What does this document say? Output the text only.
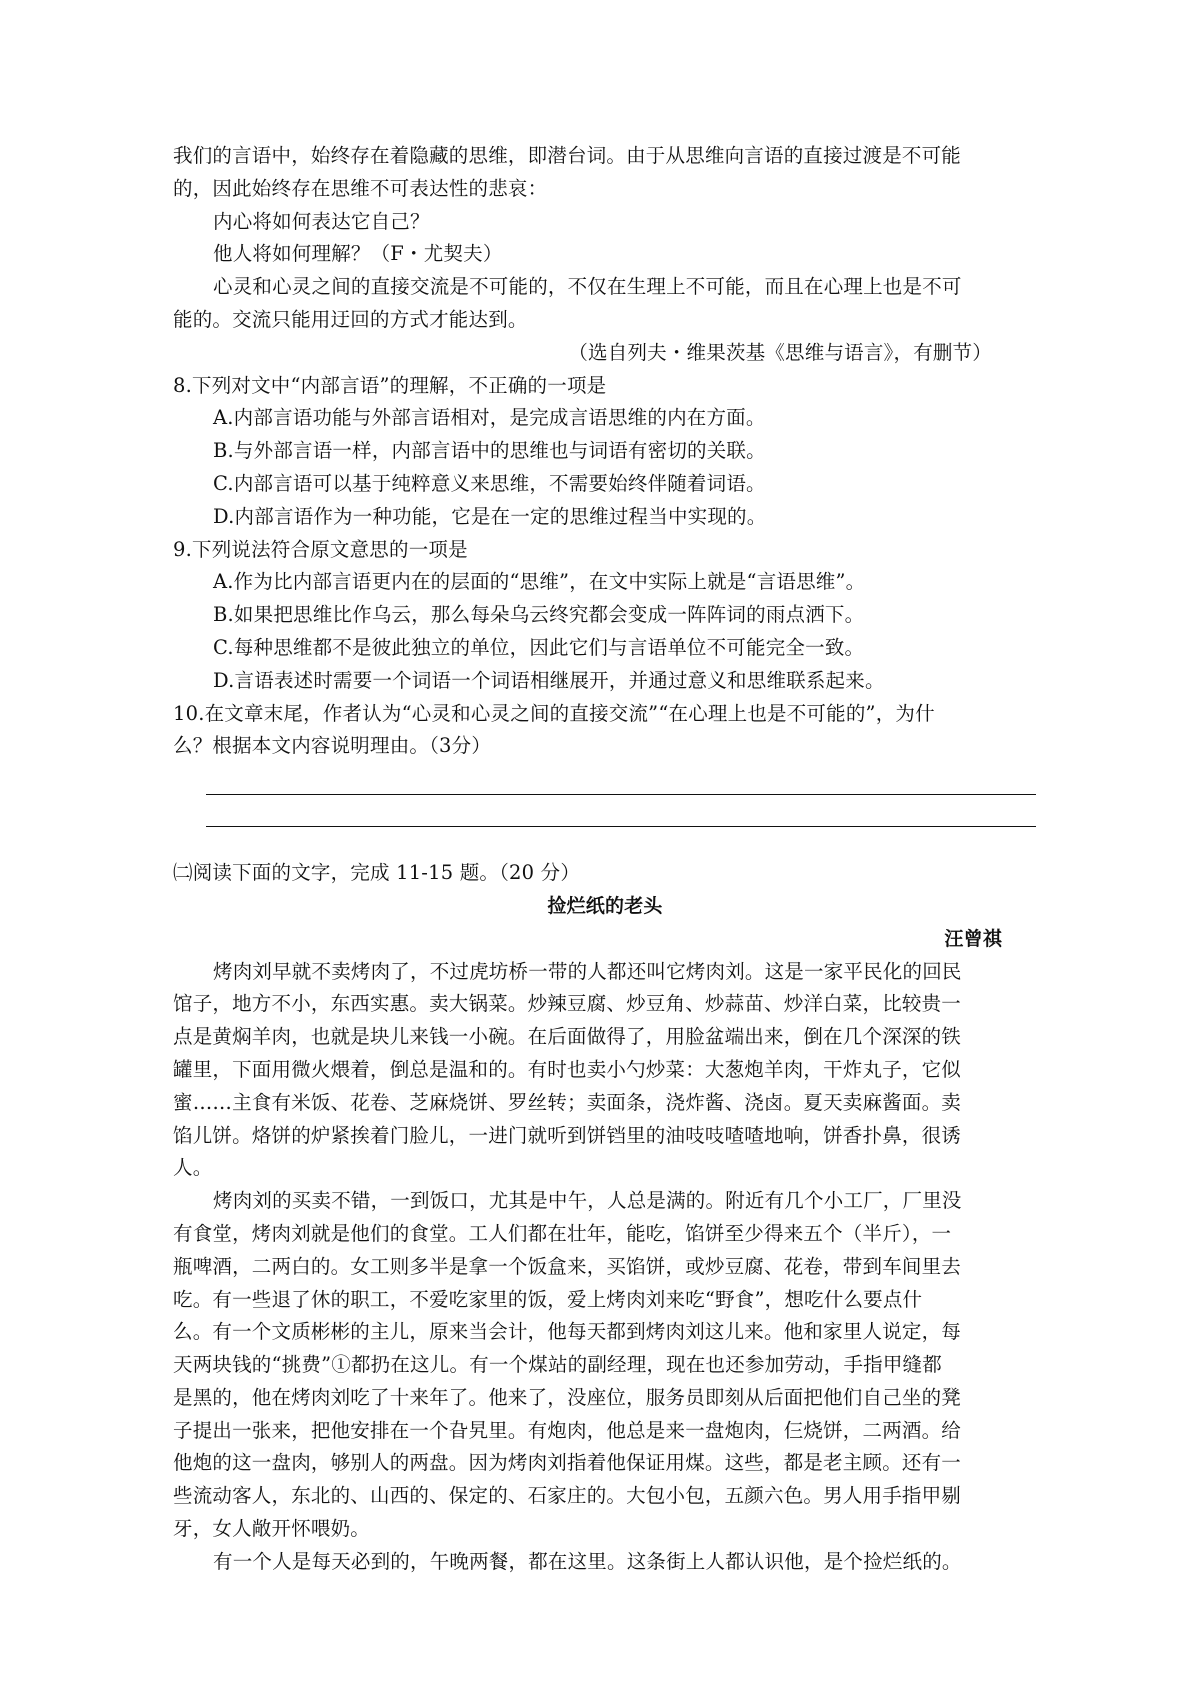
我们的言语中，始终存在着隐藏的思维，即潜台词。由于从思维向言语的直接过渡是不可能
的，因此始终存在思维不可表达性的悲哀：
内心将如何表达它自己？
他人将如何理解？（F・尤契夫）
心灵和心灵之间的直接交流是不可能的，不仅在生理上不可能，而且在心理上也是不可
能的。交流只能用迂回的方式才能达到。
（选自列夫・维果茨基《思维与语言》，有删节）
8.下列对文中“内部言语”的理解，不正确的一项是
A.内部言语功能与外部言语相对，是完成言语思维的内在方面。
B.与外部言语一样，内部言语中的思维也与词语有密切的关联。
C.内部言语可以基于纯粹意义来思维，不需要始终伴随着词语。
D.内部言语作为一种功能，它是在一定的思维过程当中实现的。
9.下列说法符合原文意思的一项是
A.作为比内部言语更内在的层面的“思维”，在文中实际上就是“言语思维”。
B.如果把思维比作乌云，那么每朵乌云终究都会变成一阵阵词的雨点洒下。
C.每种思维都不是彼此独立的单位，因此它们与言语单位不可能完全一致。
D.言语表述时需要一个词语一个词语相继展开，并通过意义和思维联系起来。
10.在文章末尾，作者认为“心灵和心灵之间的直接交流”“在心理上也是不可能的”，为什
么？根据本文内容说明理由。（3分）
㈡阅读下面的文字，完成 11-15 题。（20 分）
捡烂纸的老头
汪曾祺
烤肉刘早就不卖烤肉了，不过虎坊桥一带的人都还叫它烤肉刘。这是一家平民化的回民
馆子，地方不小，东西实惠。卖大锅菜。炒辣豆腐、炒豆角、炒蒜苗、炒洋白菜，比较贵一
点是黄焖羊肉，也就是块儿来钱一小碗。在后面做得了，用脸盆端出来，倒在几个深深的铁
罐里，下面用微火煨着，倒总是温和的。有时也卖小勺炒菜：大葱炮羊肉，干炸丸子，它似
蜜……主食有米饭、花卷、芝麻烧饼、罗丝转；卖面条，浇炸酱、浇卤。夏天卖麻酱面。卖
馅儿饼。烙饼的炉紧挨着门脸儿，一进门就听到饼铛里的油吱吱喳喳地响，饼香扑鼻，很诱
人。
烤肉刘的买卖不错，一到饭口，尤其是中午，人总是满的。附近有几个小工厂，厂里没
有食堂，烤肉刘就是他们的食堂。工人们都在壮年，能吃，馅饼至少得来五个（半斤），一
瓶啤酒，二两白的。女工则多半是拿一个饭盒来，买馅饼，或炒豆腐、花卷，带到车间里去
吃。有一些退了休的职工，不爱吃家里的饭，爱上烤肉刘来吃“野食”，想吃什么要点什
么。有一个文质彬彬的主儿，原来当会计，他每天都到烤肉刘这儿来。他和家里人说定，每
天两块钱的“挑费”①都扔在这儿。有一个煤站的副经理，现在也还参加劳动，手指甲缝都
是黑的，他在烤肉刘吃了十来年了。他来了，没座位，服务员即刻从后面把他们自己坐的凳
子提出一张来，把他安排在一个旮旯里。有炮肉，他总是来一盘炮肉，仨烧饼，二两酒。给
他炮的这一盘肉，够别人的两盘。因为烤肉刘指着他保证用煤。这些，都是老主顾。还有一
些流动客人，东北的、山西的、保定的、石家庄的。大包小包，五颜六色。男人用手指甲剔
牙，女人敞开怀喂奶。
有一个人是每天必到的，午晚两餐，都在这里。这条街上人都认识他，是个捡烂纸的。
